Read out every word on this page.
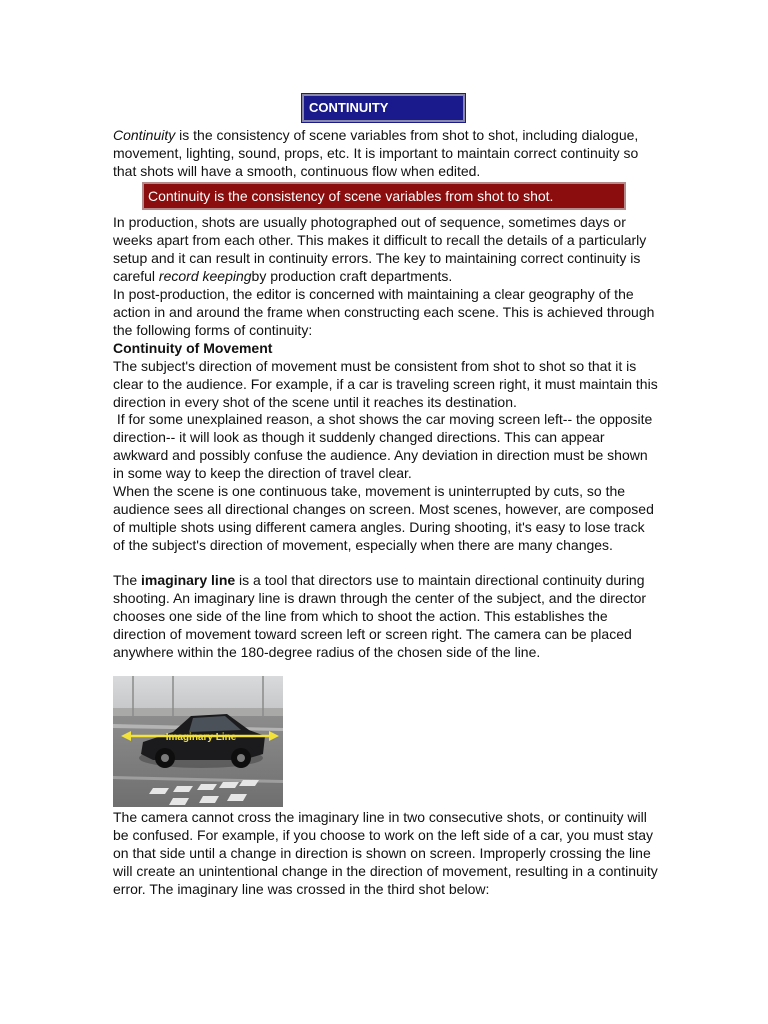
CONTINUITY

Continuity is the consistency of scene variables from shot to shot, including dialogue, movement, lighting, sound, props, etc. It is important to maintain correct continuity so that shots will have a smooth, continuous flow when edited.

Continuity is the consistency of scene variables from shot to shot.

In production, shots are usually photographed out of sequence, sometimes days or weeks apart from each other. This makes it difficult to recall the details of a particularly setup and it can result in continuity errors. The key to maintaining correct continuity is careful record keepingby production craft departments.

In post-production, the editor is concerned with maintaining a clear geography of the action in and around the frame when constructing each scene. This is achieved through the following forms of continuity:

Continuity of Movement

The subject's direction of movement must be consistent from shot to shot so that it is clear to the audience. For example, if a car is traveling screen right, it must maintain this direction in every shot of the scene until it reaches its destination.

If for some unexplained reason, a shot shows the car moving screen left-- the opposite direction-- it will look as though it suddenly changed directions. This can appear awkward and possibly confuse the audience. Any deviation in direction must be shown in some way to keep the direction of travel clear.

When the scene is one continuous take, movement is uninterrupted by cuts, so the audience sees all directional changes on screen. Most scenes, however, are composed of multiple shots using different camera angles. During shooting, it's easy to lose track of the subject's direction of movement, especially when there are many changes.

The imaginary line is a tool that directors use to maintain directional continuity during shooting. An imaginary line is drawn through the center of the subject, and the director chooses one side of the line from which to shoot the action. This establishes the direction of movement toward screen left or screen right. The camera can be placed anywhere within the 180-degree radius of the chosen side of the line.

Imaginary Line

The camera cannot cross the imaginary line in two consecutive shots, or continuity will be confused. For example, if you choose to work on the left side of a car, you must stay on that side until a change in direction is shown on screen. Improperly crossing the line will create an unintentional change in the direction of movement, resulting in a continuity error. The imaginary line was crossed in the third shot below:
